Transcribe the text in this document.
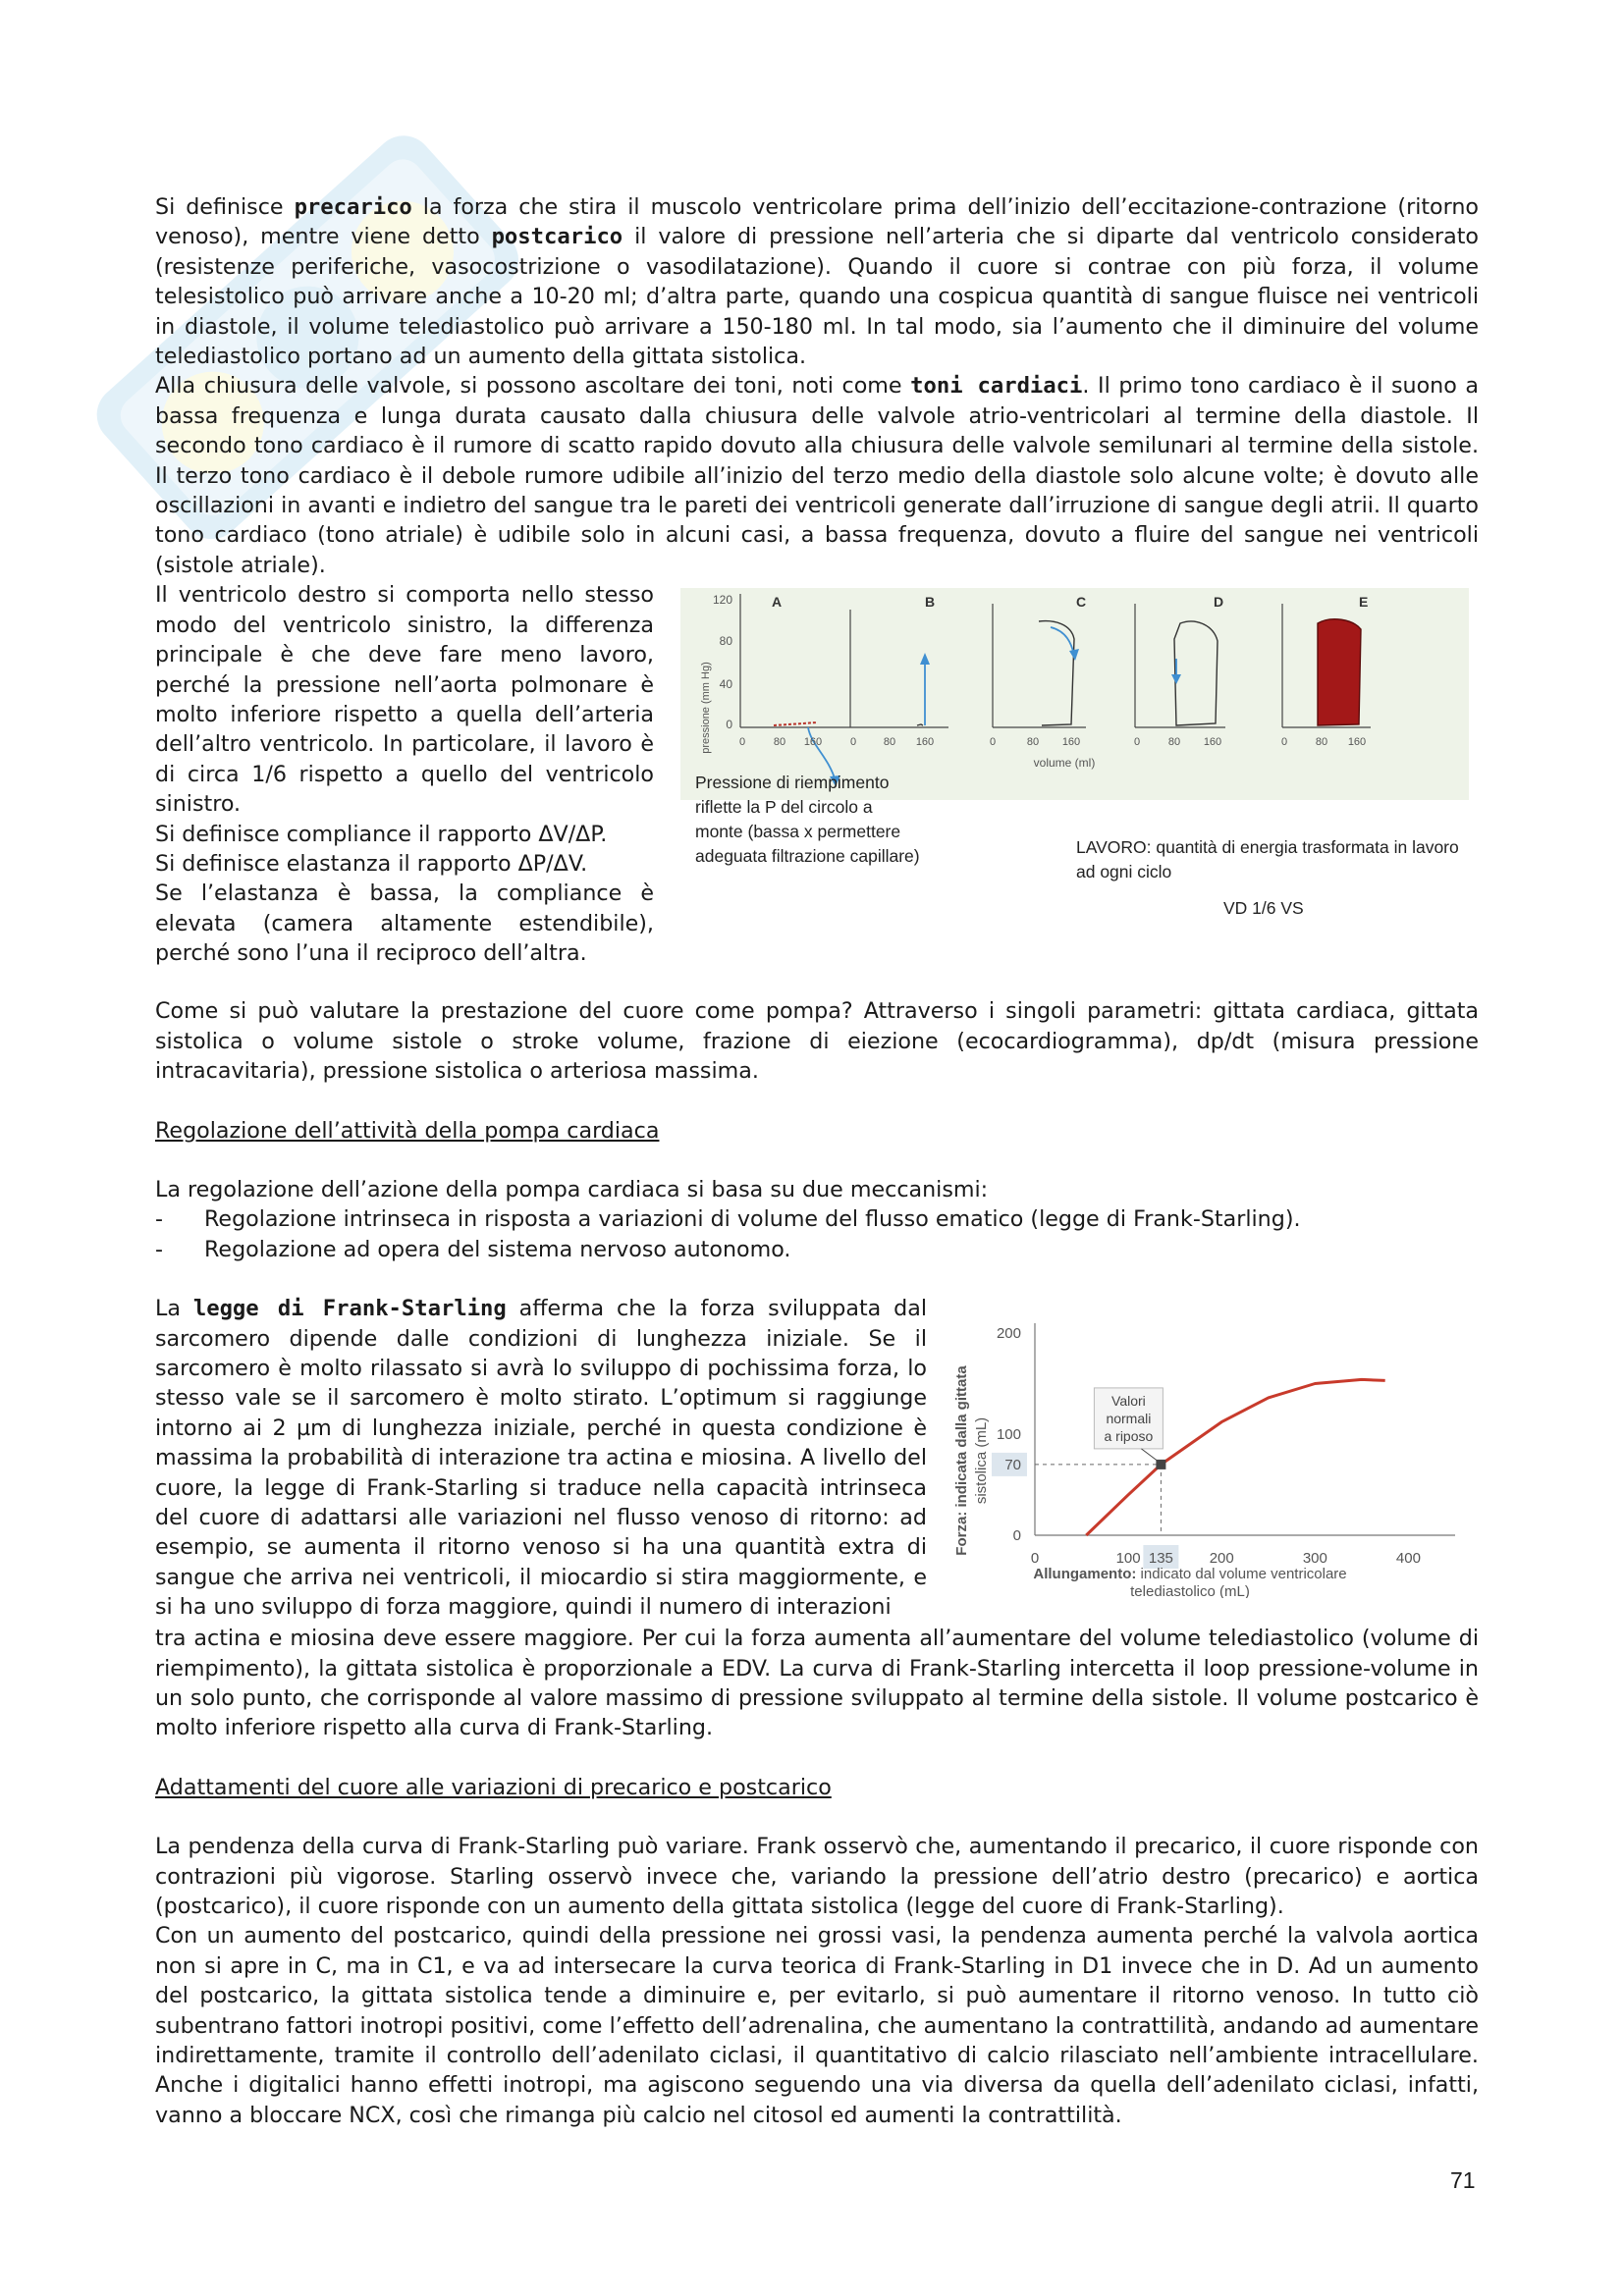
Si definisce precarico la forza che stira il muscolo ventricolare prima dell’inizio dell’eccitazione-contrazione (ritorno venoso), mentre viene detto postcarico il valore di pressione nell’arteria che si diparte dal ventricolo considerato (resistenze periferiche, vasocostrizione o vasodilatazione). Quando il cuore si contrae con più forza, il volume telesistolico può arrivare anche a 10-20 ml; d’altra parte, quando una cospicua quantità di sangue fluisce nei ventricoli in diastole, il volume telediastolico può arrivare a 150-180 ml. In tal modo, sia l’aumento che il diminuire del volume telediastolico portano ad un aumento della gittata sistolica.

Alla chiusura delle valvole, si possono ascoltare dei toni, noti come toni cardiaci. Il primo tono cardiaco è il suono a bassa frequenza e lunga durata causato dalla chiusura delle valvole atrio-ventricolari al termine della diastole. Il secondo tono cardiaco è il rumore di scatto rapido dovuto alla chiusura delle valvole semilunari al termine della sistole. Il terzo tono cardiaco è il debole rumore udibile all’inizio del terzo medio della diastole solo alcune volte; è dovuto alle oscillazioni in avanti e indietro del sangue tra le pareti dei ventricoli generate dall’irruzione di sangue degli atrii. Il quarto tono cardiaco (tono atriale) è udibile solo in alcuni casi, a bassa frequenza, dovuto a fluire del sangue nei ventricoli (sistole atriale).

Il ventricolo destro si comporta nello stesso modo del ventricolo sinistro, la differenza principale è che deve fare meno lavoro, perché la pressione nell’aorta polmonare è molto inferiore rispetto a quella dell’arteria dell’altro ventricolo. In particolare, il lavoro è di circa 1/6 rispetto a quello del ventricolo sinistro.

Si definisce compliance il rapporto ΔV/ΔP.

Si definisce elastanza il rapporto ΔP/ΔV.

Se l’elastanza è bassa, la compliance è elevata (camera altamente estendibile), perché sono l’una il reciproco dell’altra.

pressione (mm Hg)
120
80
40
0
A
0	80 160
B
0	80 160
C
0	80 160
D
0	80 160
volume (ml)
E
0	80 160
Pressione di riempimento riflette la P del circolo a monte (bassa x permettere adeguata filtrazione capillare)	LAVORO: quantità di energia trasformata in lavoro ad ogni ciclo
VD 1/6 VS

Come si può valutare la prestazione del cuore come pompa? Attraverso i singoli parametri: gittata cardiaca, gittata sistolica o volume sistole o stroke volume, frazione di eiezione (ecocardiogramma), dp/dt (misura pressione intracavitaria), pressione sistolica o arteriosa massima.

Regolazione dell’attività della pompa cardiaca

La regolazione dell’azione della pompa cardiaca si basa su due meccanismi:

-	Regolazione intrinseca in risposta a variazioni di volume del flusso ematico (legge di Frank-Starling).
-	Regolazione ad opera del sistema nervoso autonomo.

La legge di Frank-Starling afferma che la forza sviluppata dal sarcomero dipende dalle condizioni di lunghezza iniziale. Se il sarcomero è molto rilassato si avrà lo sviluppo di pochissima forza, lo stesso vale se il sarcomero è molto stirato. L’optimum si raggiunge intorno ai 2 µm di lunghezza iniziale, perché in questa condizione è massima la probabilità di interazione tra actina e miosina. A livello del cuore, la legge di Frank-Starling si traduce nella capacità intrinseca del cuore di adattarsi alle variazioni nel flusso venoso di ritorno: ad esempio, se aumenta il ritorno venoso si ha una quantità extra di sangue che arriva nei ventricoli, il miocardio si stira maggiormente, e si ha uno sviluppo di forza maggiore, quindi il numero di interazioni

Forza: indicata dalla gittata sistolica (mL)
0	100 135 200	300	400
0
70
100
200
Valori normali a riposo
Allungamento: indicato dal volume ventricolare
telediastolico (mL)

tra actina e miosina deve essere maggiore. Per cui la forza aumenta all’aumentare del volume telediastolico (volume di riempimento), la gittata sistolica è proporzionale a EDV. La curva di Frank-Starling intercetta il loop pressione-volume in un solo punto, che corrisponde al valore massimo di pressione sviluppato al termine della sistole. Il volume postcarico è molto inferiore rispetto alla curva di Frank-Starling.

Adattamenti del cuore alle variazioni di precarico e postcarico

La pendenza della curva di Frank-Starling può variare. Frank osservò che, aumentando il precarico, il cuore risponde con contrazioni più vigorose. Starling osservò invece che, variando la pressione dell’atrio destro (precarico) e aortica (postcarico), il cuore risponde con un aumento della gittata sistolica (legge del cuore di Frank-Starling).

Con un aumento del postcarico, quindi della pressione nei grossi vasi, la pendenza aumenta perché la valvola aortica non si apre in C, ma in C1, e va ad intersecare la curva teorica di Frank-Starling in D1 invece che in D. Ad un aumento del postcarico, la gittata sistolica tende a diminuire e, per evitarlo, si può aumentare il ritorno venoso. In tutto ciò subentrano fattori inotropi positivi, come l’effetto dell’adrenalina, che aumentano la contrattilità, andando ad aumentare indirettamente, tramite il controllo dell’adenilato ciclasi, il quantitativo di calcio rilasciato nell’ambiente intracellulare. Anche i digitalici hanno effetti inotropi, ma agiscono seguendo una via diversa da quella dell’adenilato ciclasi, infatti, vanno a bloccare NCX, così che rimanga più calcio nel citosol ed aumenti la contrattilità.

71
